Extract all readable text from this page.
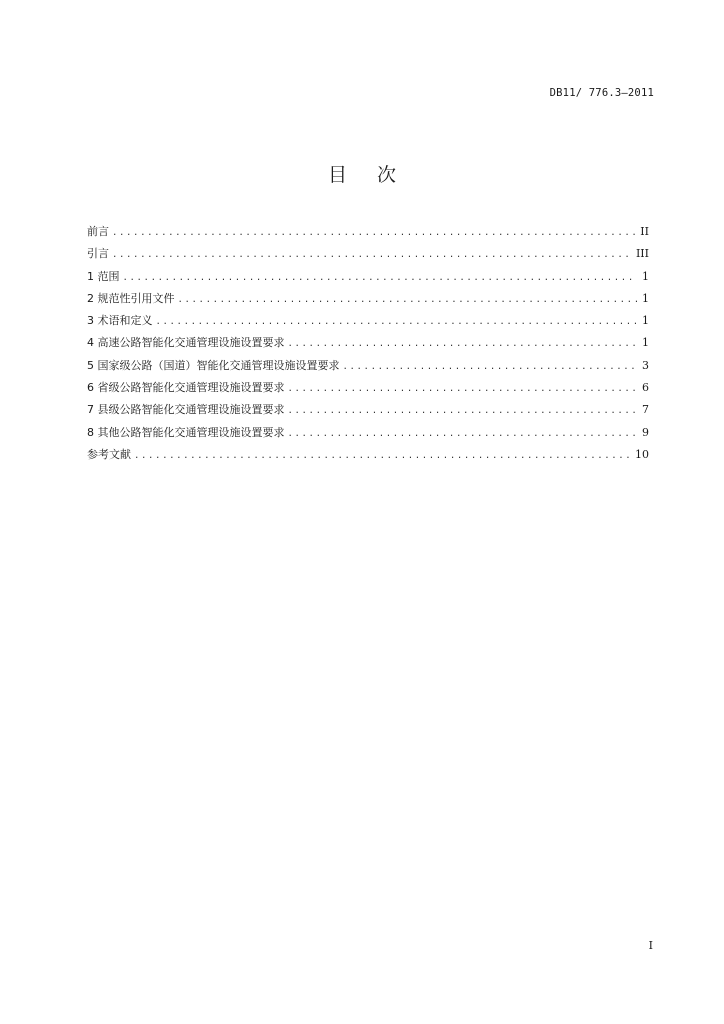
DB11/ 776.3—2011
目次
前言 .....	II
引言 .....	III
1 范围 .....	1
2 规范性引用文件 .....	1
3 术语和定义 .....	1
4 高速公路智能化交通管理设施设置要求 .....	1
5 国家级公路（国道）智能化交通管理设施设置要求 .....	3
6 省级公路智能化交通管理设施设置要求 .....	6
7 县级公路智能化交通管理设施设置要求 .....	7
8 其他公路智能化交通管理设施设置要求 .....	9
参考文献 .....	10
I
